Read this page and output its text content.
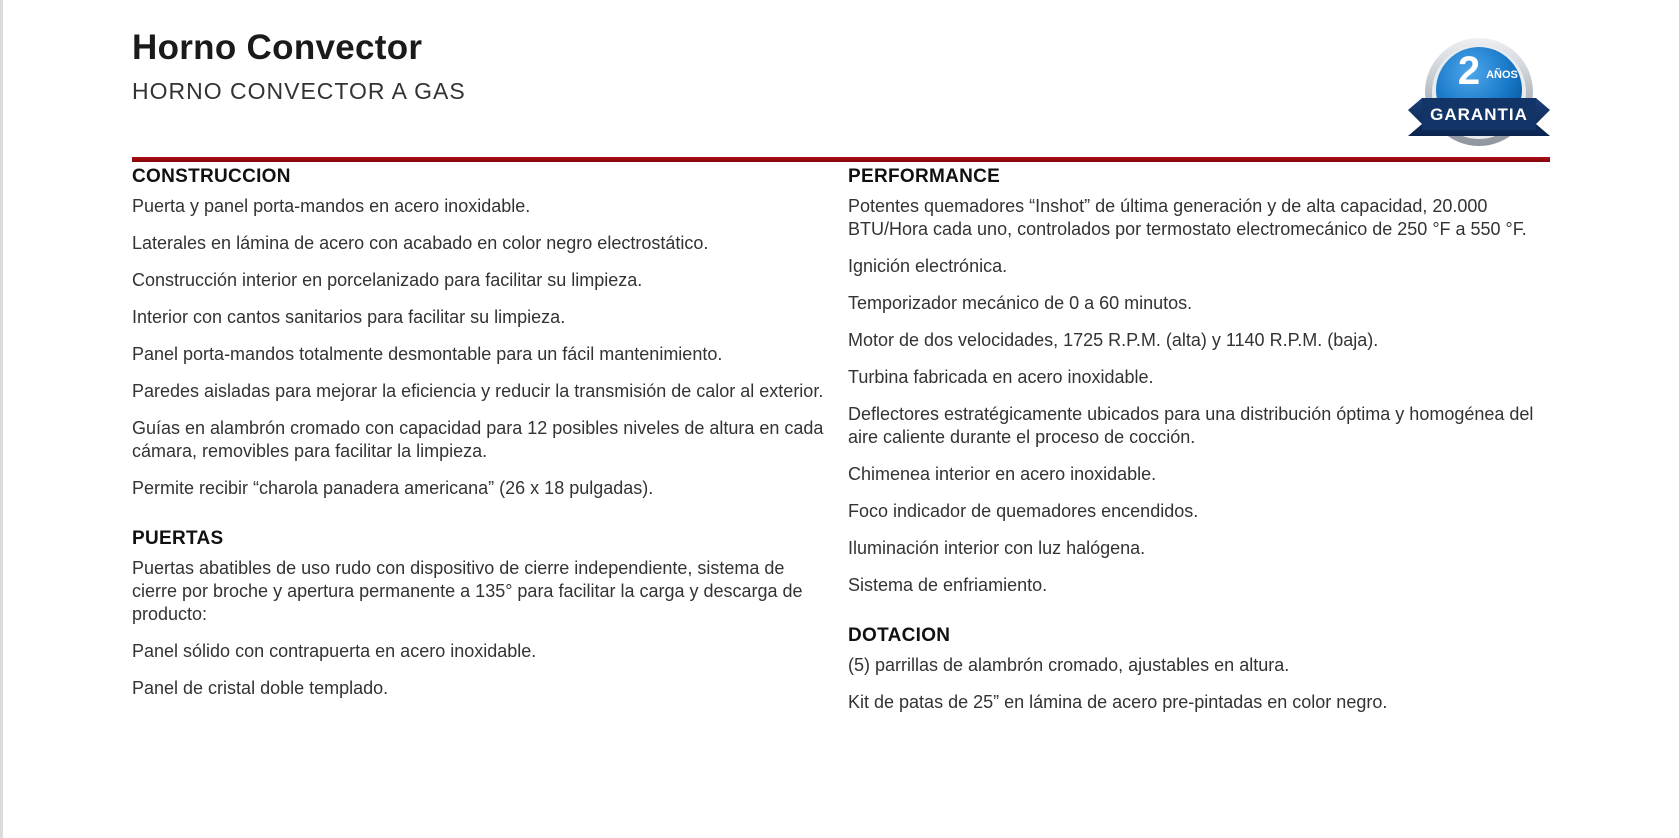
Horno Convector
HORNO CONVECTOR A GAS	2 AÑOS
GARANTIA
CONSTRUCCION

Puerta y panel porta-mandos en acero inoxidable.

Laterales en lámina de acero con acabado en color negro electrostático.

Construcción interior en porcelanizado para facilitar su limpieza.

Interior con cantos sanitarios para facilitar su limpieza.

Panel porta-mandos totalmente desmontable para un fácil mantenimiento.

Paredes aisladas para mejorar la eficiencia y reducir la transmisión de calor al exterior.

Guías en alambrón cromado con capacidad para 12 posibles niveles de altura en cada cámara, removibles para facilitar la limpieza.

Permite recibir “charola panadera americana” (26 x 18 pulgadas).

PUERTAS

Puertas abatibles de uso rudo con dispositivo de cierre independiente, sistema de cierre por broche y apertura permanente a 135° para facilitar la carga y descarga de producto:

Panel sólido con contrapuerta en acero inoxidable.

Panel de cristal doble templado.

PERFORMANCE

Potentes quemadores “Inshot” de última generación y de alta capacidad, 20.000 BTU/Hora cada uno, controlados por termostato electromecánico de 250 °F a 550 °F.

Ignición electrónica.

Temporizador mecánico de 0 a 60 minutos.

Motor de dos velocidades, 1725 R.P.M. (alta) y 1140 R.P.M. (baja).

Turbina fabricada en acero inoxidable.

Deflectores estratégicamente ubicados para una distribución óptima y homogénea del aire caliente durante el proceso de cocción.

Chimenea interior en acero inoxidable.

Foco indicador de quemadores encendidos.

Iluminación interior con luz halógena.

Sistema de enfriamiento.

DOTACION

(5) parrillas de alambrón cromado, ajustables en altura.

Kit de patas de 25” en lámina de acero pre-pintadas en color negro.
